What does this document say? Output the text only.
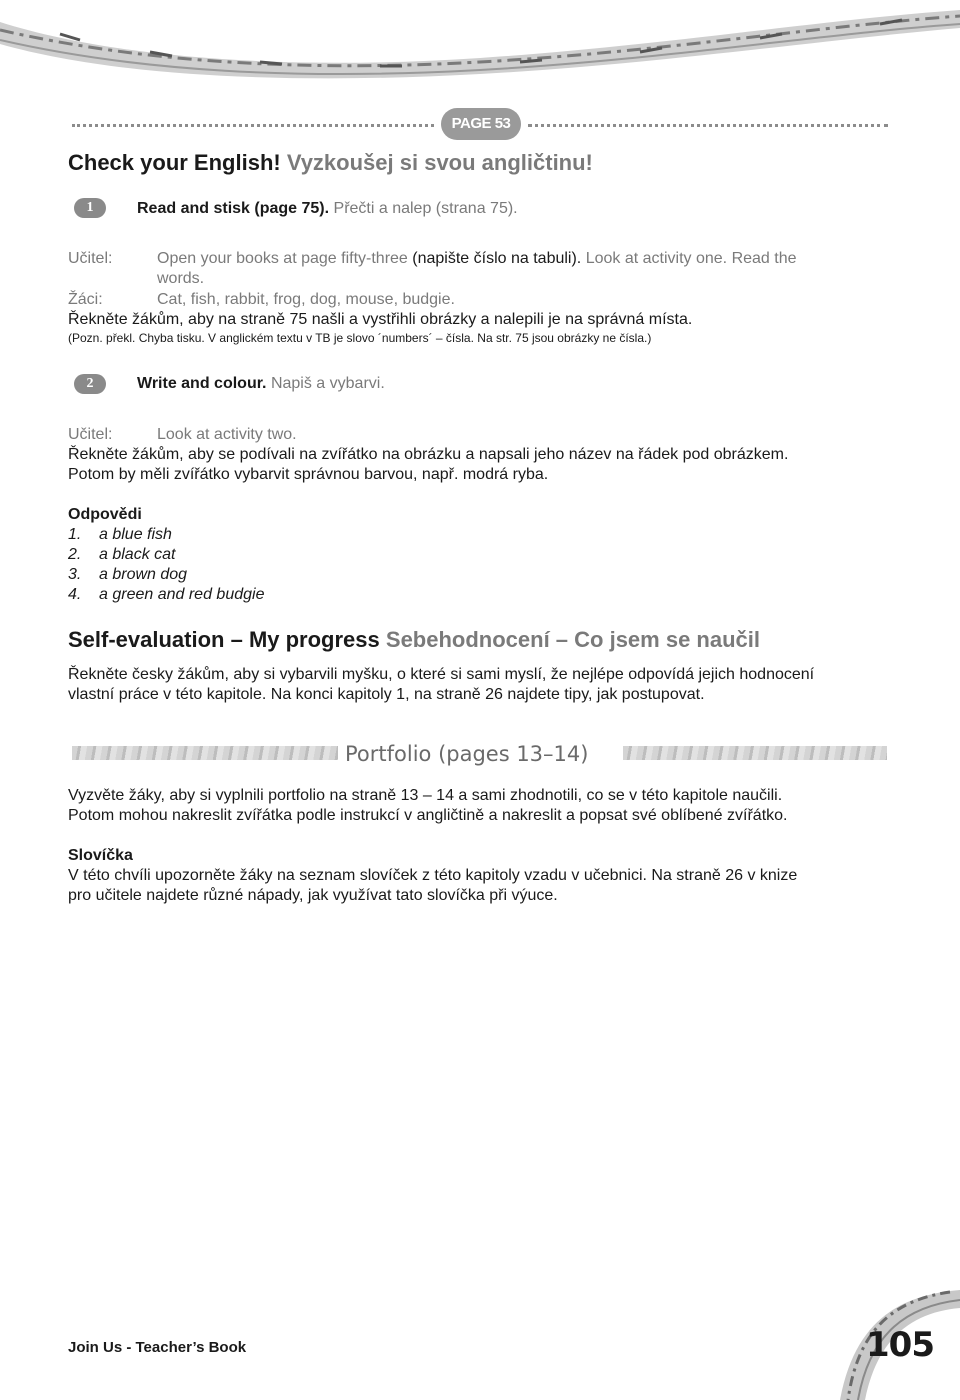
PAGE 53
Check your English! Vyzkoušej si svou angličtinu!
1	Read and stisk (page 75). Přečti a nalep (strana 75).
Učitel:	Open your books at page fifty-three (napište číslo na tabuli). Look at activity one. Read the
words.
Žáci:	Cat, fish, rabbit, frog, dog, mouse, budgie.
Řekněte žákům, aby na straně 75 našli a vystřihli obrázky a nalepili je na správná místa.
(Pozn. překl. Chyba tisku. V anglickém textu v TB je slovo ´numbers´ – čísla. Na str. 75 jsou obrázky ne čísla.)
2	Write and colour. Napiš a vybarvi.
Učitel:	Look at activity two.
Řekněte žákům, aby se podívali na zvířátko na obrázku a napsali jeho název na řádek pod obrázkem.
Potom by měli zvířátko vybarvit správnou barvou, např. modrá ryba.
Odpovědi
1. a blue fish
2. a black cat
3. a brown dog
4. a green and red budgie
Self-evaluation – My progress Sebehodnocení – Co jsem se naučil
Řekněte česky žákům, aby si vybarvili myšku, o které si sami myslí, že nejlépe odpovídá jejich hodnocení
vlastní práce v této kapitole. Na konci kapitoly 1, na straně 26 najdete tipy, jak postupovat.
Portfolio (pages 13–14)
Vyzvěte žáky, aby si vyplnili portfolio na straně 13 – 14 a sami zhodnotili, co se v této kapitole naučili.
Potom mohou nakreslit zvířátka podle instrukcí v angličtině a nakreslit a popsat své oblíbené zvířátko.
Slovíčka
V této chvíli upozorněte žáky na seznam slovíček z této kapitoly vzadu v učebnici. Na straně 26 v knize
pro učitele najdete různé nápady, jak využívat tato slovíčka při výuce.
Join Us - Teacher’s Book	105
